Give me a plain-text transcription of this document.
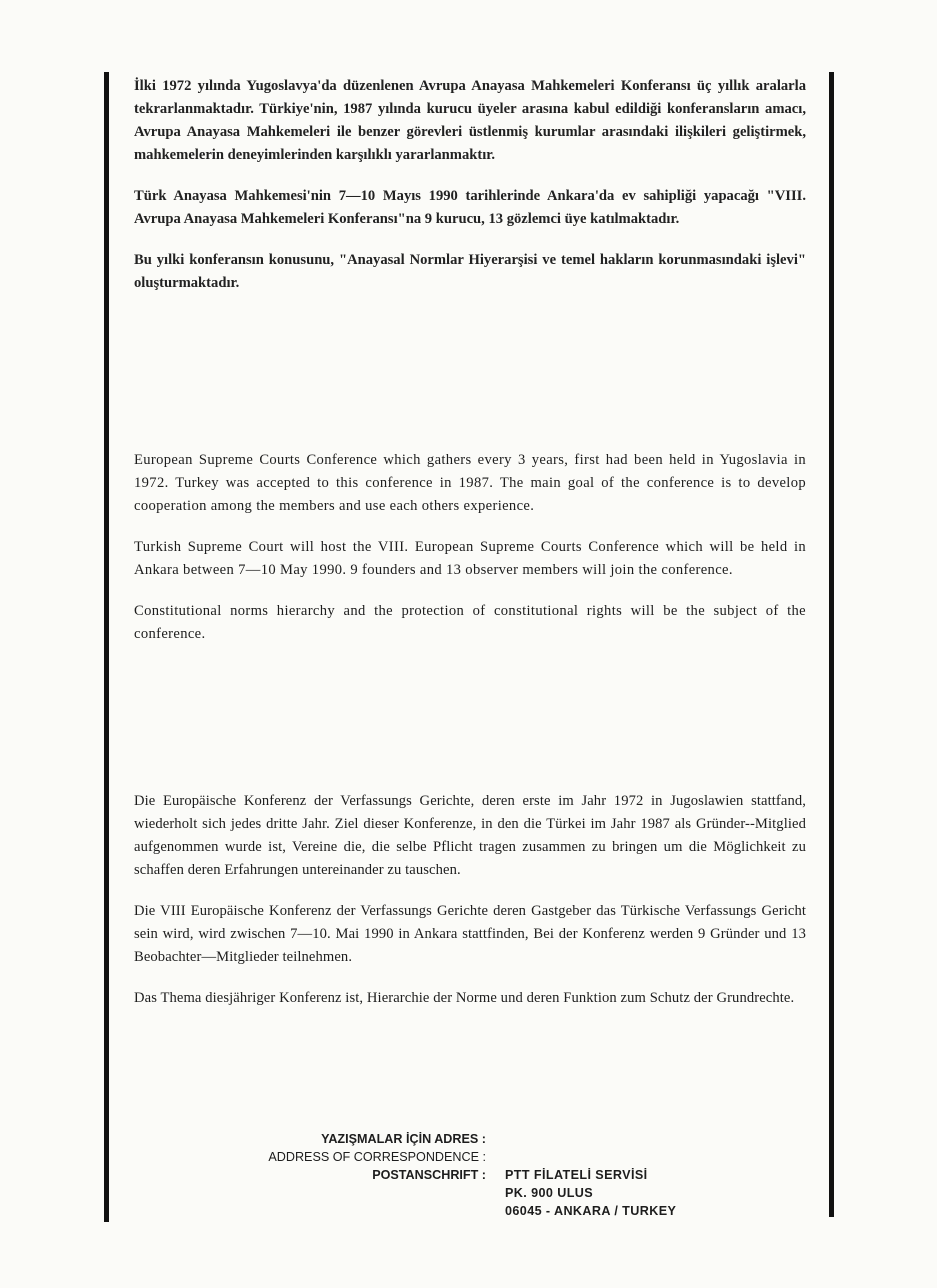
İlki 1972 yılında Yugoslavya'da düzenlenen Avrupa Anayasa Mahkemeleri Konferansı üç yıllık aralarla tekrarlanmaktadır. Türkiye'nin, 1987 yılında kurucu üyeler arasına kabul edildiği konferansların amacı, Avrupa Anayasa Mahkemeleri ile benzer görevleri üstlenmiş kurumlar arasındaki ilişkileri geliştirmek, mahkemelerin deneyimlerinden karşılıklı yararlanmaktır.

Türk Anayasa Mahkemesi'nin 7—10 Mayıs 1990 tarihlerinde Ankara'da ev sahipliği yapacağı "VIII. Avrupa Anayasa Mahkemeleri Konferansı"na 9 kurucu, 13 gözlemci üye katılmaktadır.

Bu yılki konferansın konusunu, "Anayasal Normlar Hiyerarşisi ve temel hakların korunmasındaki işlevi" oluşturmaktadır.

European Supreme Courts Conference which gathers every 3 years, first had been held in Yugoslavia in 1972. Turkey was accepted to this conference in 1987. The main goal of the conference is to develop cooperation among the members and use each others experience.

Turkish Supreme Court will host the VIII. European Supreme Courts Conference which will be held in Ankara between 7—10 May 1990. 9 founders and 13 observer members will join the conference.

Constitutional norms hierarchy and the protection of constitutional rights will be the subject of the conference.

Die Europäische Konferenz der Verfassungs Gerichte, deren erste im Jahr 1972 in Jugoslawien stattfand, wiederholt sich jedes dritte Jahr. Ziel dieser Konferenze, in den die Türkei im Jahr 1987 als Gründer--Mitglied aufgenommen wurde ist, Vereine die, die selbe Pflicht tragen zusammen zu bringen um die Möglichkeit zu schaffen deren Erfahrungen untereinander zu tauschen.

Die VIII Europäische Konferenz der Verfassungs Gerichte deren Gastgeber das Türkische Verfassungs Gericht sein wird, wird zwischen 7—10. Mai 1990 in Ankara stattfinden, Bei der Konferenz werden 9 Gründer und 13 Beobachter—Mitglieder teilnehmen.

Das Thema diesjähriger Konferenz ist, Hierarchie der Norme und deren Funktion zum Schutz der Grundrechte.

YAZIŞMALAR İÇİN ADRES :
ADDRESS OF CORRESPONDENCE :
POSTANSCHRIFT : PTT FİLATELİ SERVİSİ
PK. 900 ULUS
06045 - ANKARA / TURKEY
